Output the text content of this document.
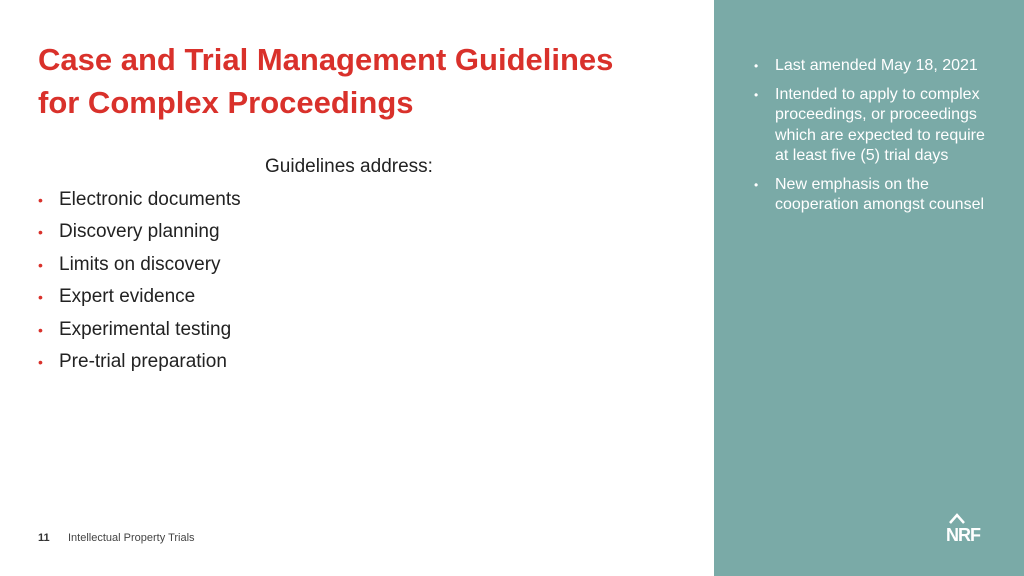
Case and Trial Management Guidelines
for Complex Proceedings

Guidelines address:

• Electronic documents
• Discovery planning
• Limits on discovery
• Expert evidence
• Experimental testing
• Pre-trial preparation
11 Intellectual Property Trials
•	Last amended May 18, 2021
•	Intended to apply to complex proceedings, or proceedings which are expected to require at least five (5) trial days
•	New emphasis on the cooperation amongst counsel
NRF
